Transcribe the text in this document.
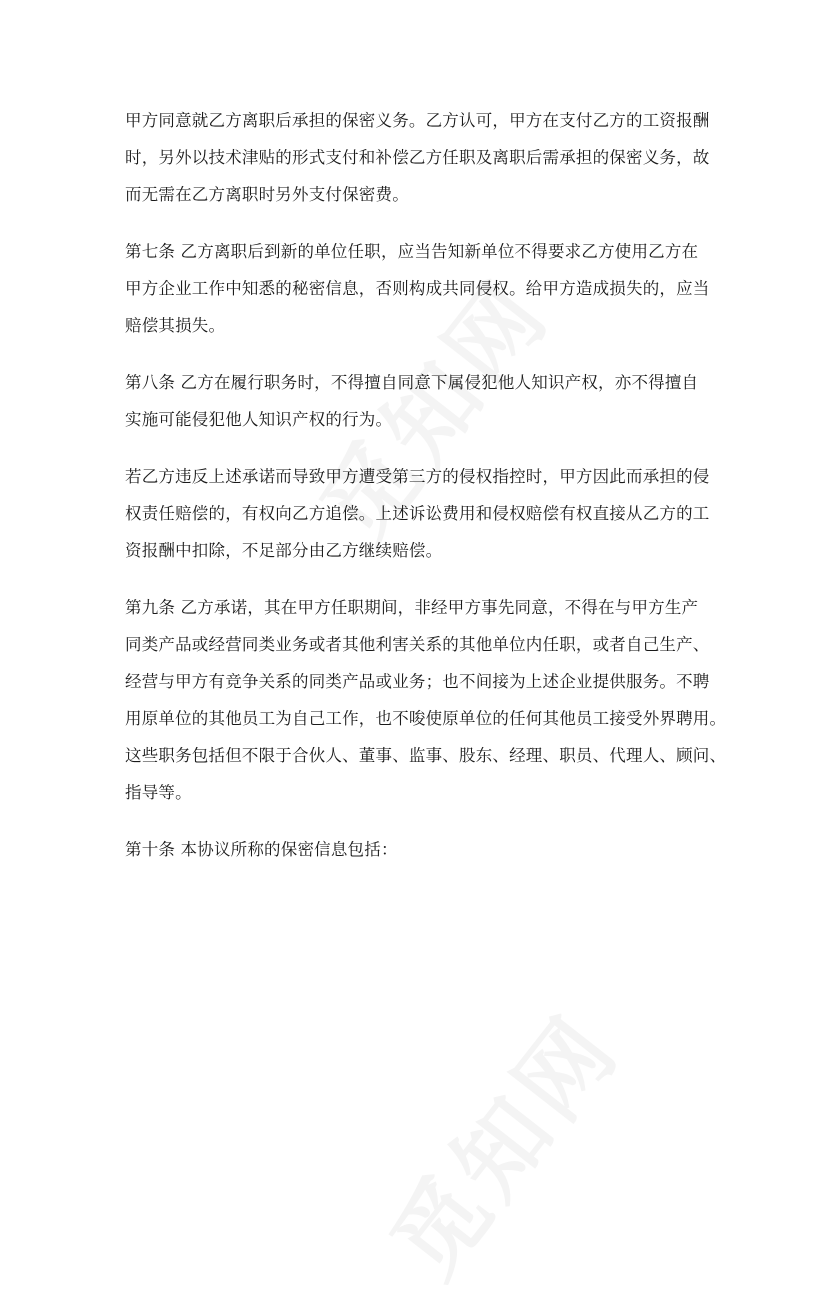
甲方同意就乙方离职后承担的保密义务。乙方认可，甲方在支付乙方的工资报酬
时，另外以技术津贴的形式支付和补偿乙方任职及离职后需承担的保密义务，故
而无需在乙方离职时另外支付保密费。

第七条 乙方离职后到新的单位任职，应当告知新单位不得要求乙方使用乙方在
甲方企业工作中知悉的秘密信息，否则构成共同侵权。给甲方造成损失的，应当
赔偿其损失。

第八条 乙方在履行职务时，不得擅自同意下属侵犯他人知识产权，亦不得擅自
实施可能侵犯他人知识产权的行为。

若乙方违反上述承诺而导致甲方遭受第三方的侵权指控时，甲方因此而承担的侵
权责任赔偿的，有权向乙方追偿。上述诉讼费用和侵权赔偿有权直接从乙方的工
资报酬中扣除，不足部分由乙方继续赔偿。

第九条 乙方承诺，其在甲方任职期间，非经甲方事先同意，不得在与甲方生产
同类产品或经营同类业务或者其他利害关系的其他单位内任职，或者自己生产、
经营与甲方有竞争关系的同类产品或业务；也不间接为上述企业提供服务。不聘
用原单位的其他员工为自己工作，也不唆使原单位的任何其他员工接受外界聘用。
这些职务包括但不限于合伙人、董事、监事、股东、经理、职员、代理人、顾问、
指导等。

第十条 本协议所称的保密信息包括：
